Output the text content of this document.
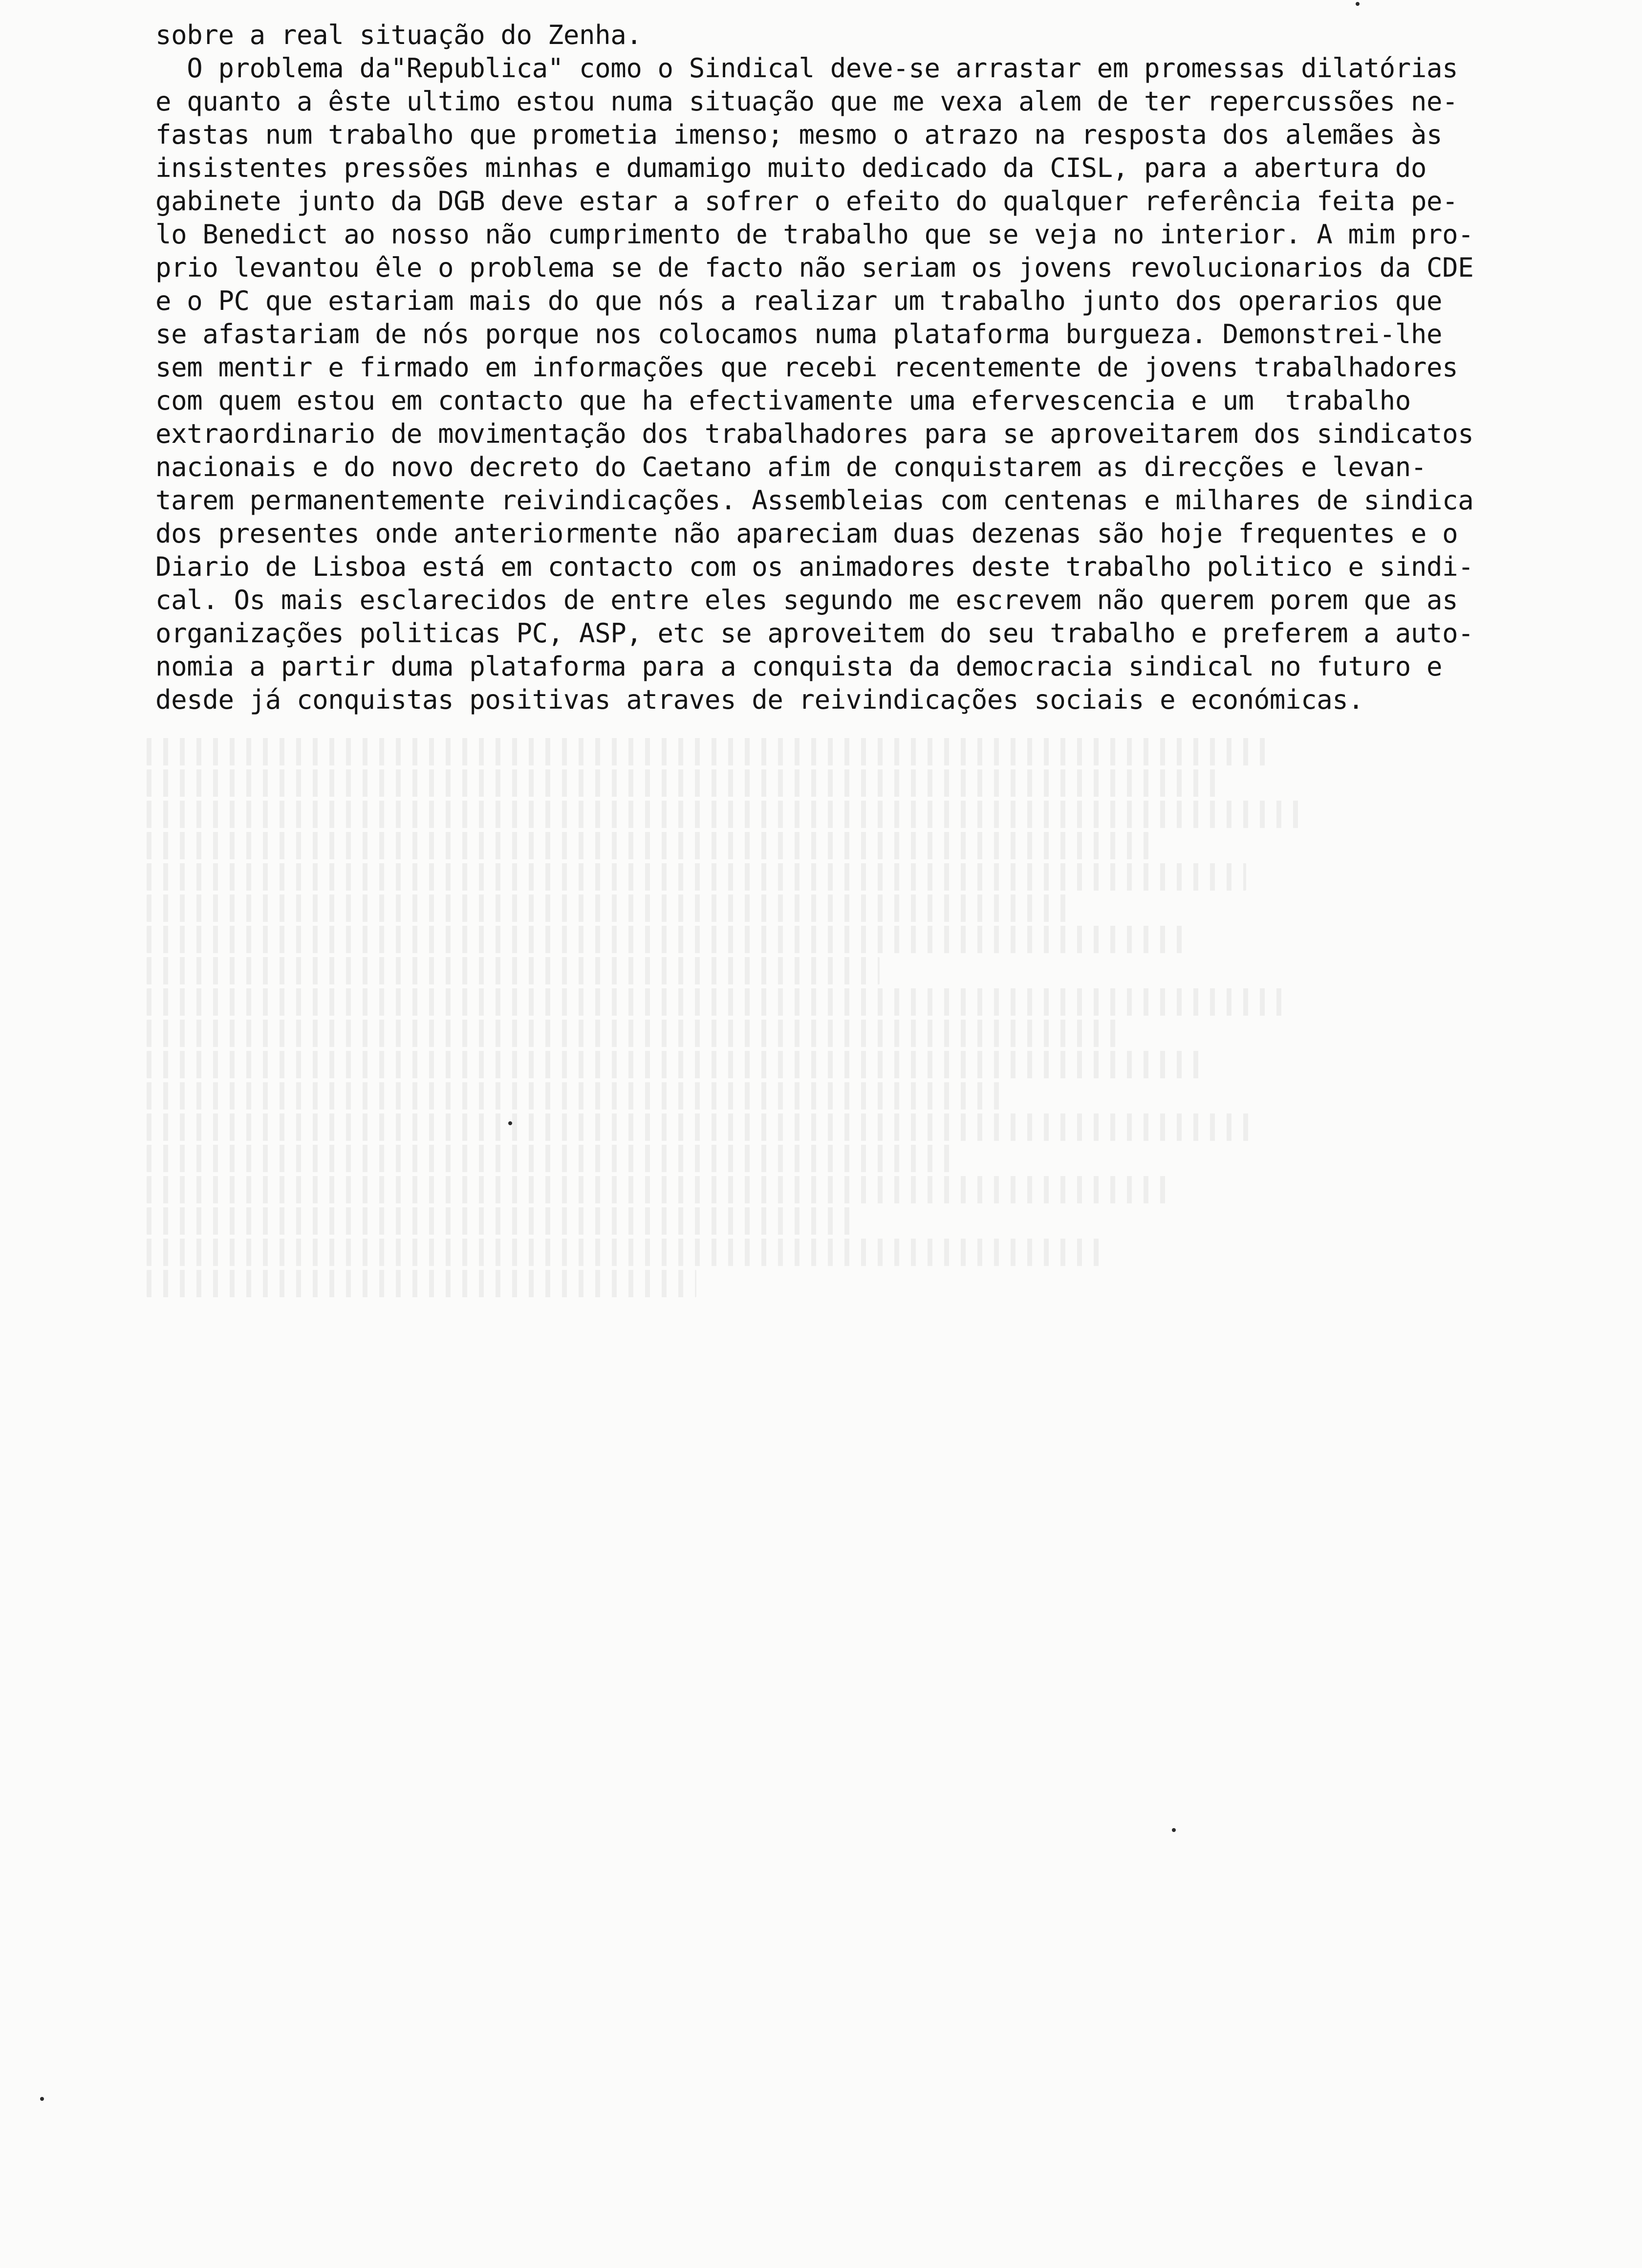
sobre a real situação do Zenha.
O problema da"Republica" como o Sindical deve-se arrastar em promessas dilatórias
e quanto a êste ultimo estou numa situação que me vexa alem de ter repercussões ne-
fastas num trabalho que prometia imenso; mesmo o atrazo na resposta dos alemães às
insistentes pressões minhas e dumamigo muito dedicado da CISL, para a abertura do
gabinete junto da DGB deve estar a sofrer o efeito do qualquer referência feita pe-
lo Benedict ao nosso não cumprimento de trabalho que se veja no interior. A mim pro-
prio levantou êle o problema se de facto não seriam os jovens revolucionarios da CDE
e o PC que estariam mais do que nós a realizar um trabalho junto dos operarios que
se afastariam de nós porque nos colocamos numa plataforma burgueza. Demonstrei-lhe
sem mentir e firmado em informações que recebi recentemente de jovens trabalhadores
com quem estou em contacto que ha efectivamente uma efervescencia e um  trabalho
extraordinario de movimentação dos trabalhadores para se aproveitarem dos sindicatos
nacionais e do novo decreto do Caetano afim de conquistarem as direcções e levan-
tarem permanentemente reivindicações. Assembleias com centenas e milhares de sindica
dos presentes onde anteriormente não apareciam duas dezenas são hoje frequentes e o
Diario de Lisboa está em contacto com os animadores deste trabalho politico e sindi-
cal. Os mais esclarecidos de entre eles segundo me escrevem não querem porem que as
organizações politicas PC, ASP, etc se aproveitem do seu trabalho e preferem a auto-
nomia a partir duma plataforma para a conquista da democracia sindical no futuro e
desde já conquistas positivas atraves de reivindicações sociais e económicas.
